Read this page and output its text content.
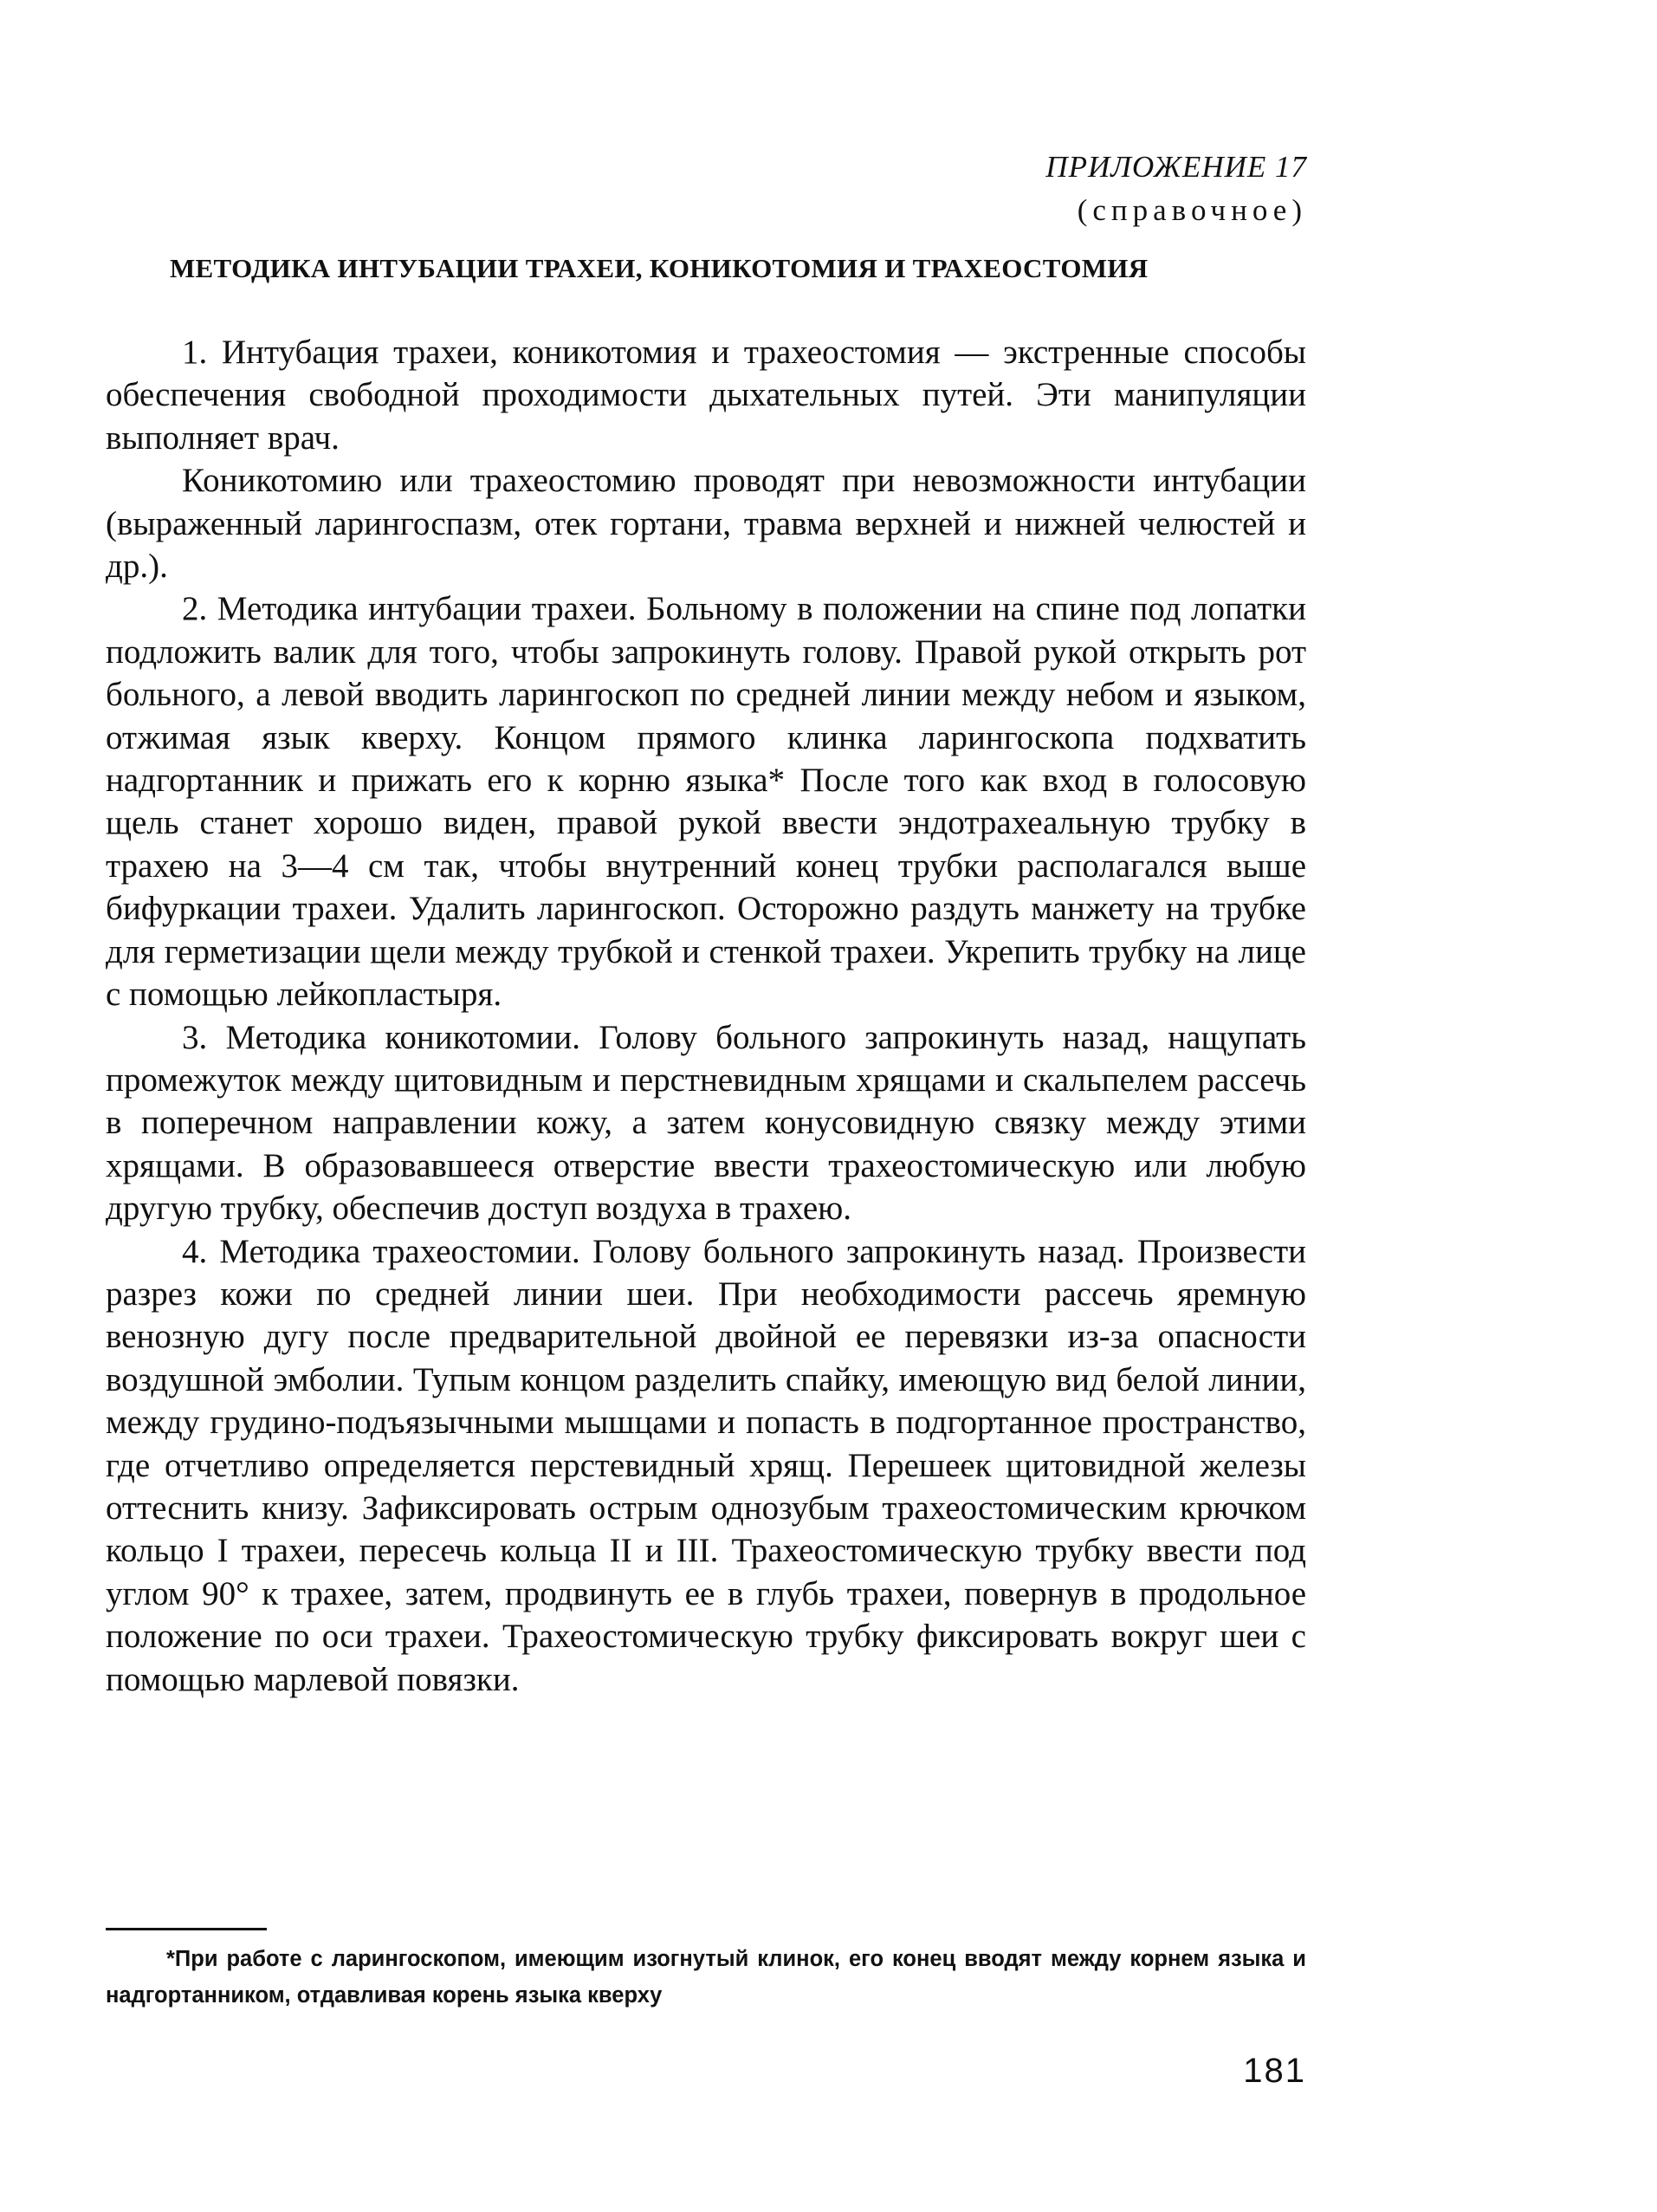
ПРИЛОЖЕНИЕ 17
(справочное)
МЕТОДИКА ИНТУБАЦИИ ТРАХЕИ, КОНИКОТОМИЯ И ТРАХЕОСТОМИЯ

1. Интубация трахеи, коникотомия и трахеостомия — экстренные способы обеспечения свободной проходимости дыхательных путей. Эти манипуляции выполняет врач.

Коникотомию или трахеостомию проводят при невозможности интубации (выраженный ларингоспазм, отек гортани, травма верхней и нижней челюстей и др.).

2. Методика интубации трахеи. Больному в положении на спине под лопатки подложить валик для того, чтобы запрокинуть голову. Правой рукой открыть рот больного, а левой вводить ларингоскоп по средней линии между небом и языком, отжимая язык кверху. Концом прямого клинка ларингоскопа подхватить надгортанник и прижать его к корню языка* После того как вход в голосовую щель станет хорошо виден, правой рукой ввести эндотрахеальную трубку в трахею на 3—4 см так, чтобы внутренний конец трубки располагался выше бифуркации трахеи. Удалить ларингоскоп. Осторожно раздуть манжету на трубке для герметизации щели между трубкой и стенкой трахеи. Укрепить трубку на лице с помощью лейкопластыря.

3. Методика коникотомии. Голову больного запрокинуть назад, нащупать промежуток между щитовидным и перстневидным хрящами и скальпелем рассечь в поперечном направлении кожу, а затем конусовидную связку между этими хрящами. В образовавшееся отверстие ввести трахеостомическую или любую другую трубку, обеспечив доступ воздуха в трахею.

4. Методика трахеостомии. Голову больного запрокинуть назад. Произвести разрез кожи по средней линии шеи. При необходимости рассечь яремную венозную дугу после предварительной двойной ее перевязки из-за опасности воздушной эмболии. Тупым концом разделить спайку, имеющую вид белой линии, между грудино-подъязычными мышцами и попасть в подгортанное пространство, где отчетливо определяется перстевидный хрящ. Перешеек щитовидной железы оттеснить книзу. Зафиксировать острым однозубым трахеостомическим крючком кольцо I трахеи, пересечь кольца II и III. Трахеостомическую трубку ввести под углом 90° к трахее, затем, продвинуть ее в глубь трахеи, повернув в продольное положение по оси трахеи. Трахеостомическую трубку фиксировать вокруг шеи с помощью марлевой повязки.

*При работе с ларингоскопом, имеющим изогнутый клинок, его конец вводят между корнем языка и надгортанником, отдавливая корень языка кверху
181
